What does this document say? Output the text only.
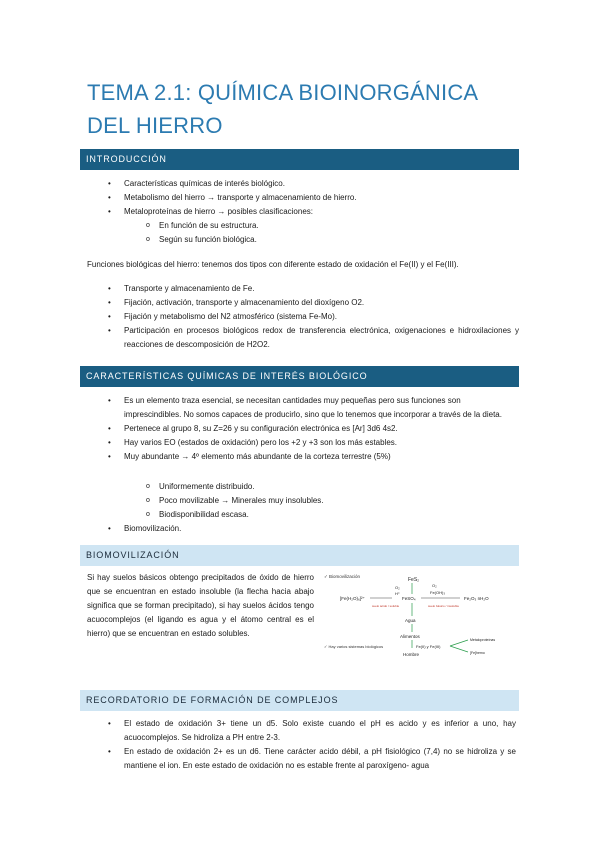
TEMA 2.1: QUÍMICA BIOINORGÁNICA
DEL HIERRO
INTRODUCCIÓN
• Características químicas de interés biológico.
• Metabolismo del hierro → transporte y almacenamiento de hierro.
• Metaloproteínas de hierro → posibles clasificaciones:
o En función de su estructura.
o Según su función biológica.
Funciones biológicas del hierro: tenemos dos tipos con diferente estado de oxidación el Fe(II) y el Fe(III).
• Transporte y almacenamiento de Fe.
• Fijación, activación, transporte y almacenamiento del dioxígeno O2.
• Fijación y metabolismo del N2 atmosférico (sistema Fe-Mo).
• Participación en procesos biológicos redox de transferencia electrónica, oxigenaciones e hidroxilaciones y reacciones de descomposición de H2O2.
CARACTERÍSTICAS QUÍMICAS DE INTERÉS BIOLÓGICO
• Es un elemento traza esencial, se necesitan cantidades muy pequeñas pero sus funciones son imprescindibles. No somos capaces de producirlo, sino que lo tenemos que incorporar a través de la dieta.
• Pertenece al grupo 8, su Z=26 y su configuración electrónica es [Ar] 3d6 4s2.
• Hay varios EO (estados de oxidación) pero los +2 y +3 son los más estables.
• Muy abundante → 4º elemento más abundante de la corteza terrestre (5%)
o Uniformemente distribuido.
o Poco movilizable → Minerales muy insolubles.
o Biodisponibilidad escasa.
• Biomovilización.
BIOMOVILIZACIÓN
Si hay suelos básicos obtengo precipitados de óxido de hierro que se encuentran en estado insoluble (la flecha hacia abajo significa que se forman precipitado), si hay suelos ácidos tengo acuocomplejos (el ligando es agua y el átomo central es el hierro) que se encuentran en estado solubles.
✓ Biomovilización
FeS₂
O₂
H⁺
[Fe(H₂O)₆]²⁺	FeSO₄
suelo ácido / soluble
O₂
Fe(OH)₃
Fe₂O₃ nH₂O
suelo básico / insoluble
Agua
Alimentos
Hombre
✓ Hay varios sistemas biológicos	Fe(II) y Fe(III)
Metaloproteínas
[Fe]hemo
RECORDATORIO DE FORMACIÓN DE COMPLEJOS
• El estado de oxidación 3+ tiene un d5. Solo existe cuando el pH es acido y es inferior a uno, hay acuocomplejos. Se hidroliza a PH entre 2-3.
• En estado de oxidación 2+ es un d6. Tiene carácter acido débil, a pH fisiológico (7,4) no se hidroliza y se mantiene el ion. En este estado de oxidación no es estable frente al paroxígeno- agua
